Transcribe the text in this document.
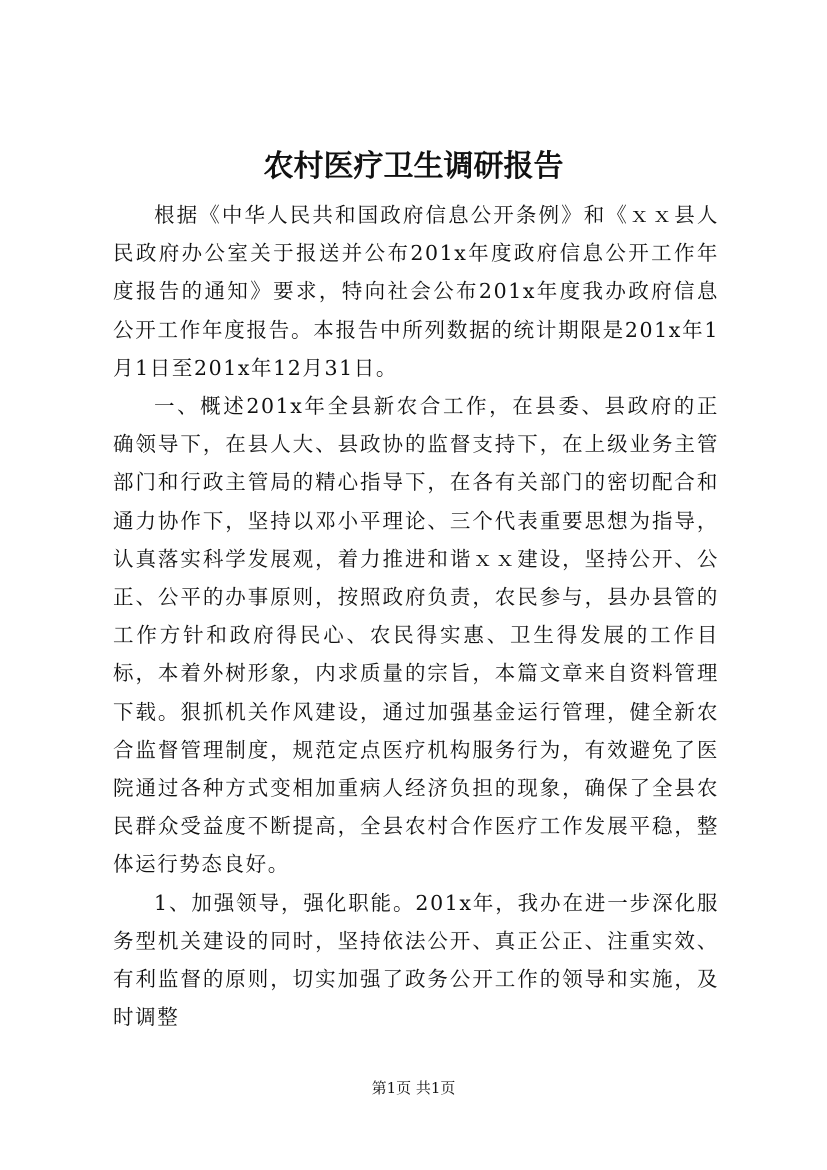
农村医疗卫生调研报告

根据《中华人民共和国政府信息公开条例》和《ｘｘ县人民政府办公室关于报送并公布201x年度政府信息公开工作年度报告的通知》要求，特向社会公布201x年度我办政府信息公开工作年度报告。本报告中所列数据的统计期限是201x年1月1日至201x年12月31日。

一、概述201x年全县新农合工作，在县委、县政府的正确领导下，在县人大、县政协的监督支持下，在上级业务主管部门和行政主管局的精心指导下，在各有关部门的密切配合和通力协作下，坚持以邓小平理论、三个代表重要思想为指导，认真落实科学发展观，着力推进和谐ｘｘ建设，坚持公开、公正、公平的办事原则，按照政府负责，农民参与，县办县管的工作方针和政府得民心、农民得实惠、卫生得发展的工作目标，本着外树形象，内求质量的宗旨，本篇文章来自资料管理下载。狠抓机关作风建设，通过加强基金运行管理，健全新农合监督管理制度，规范定点医疗机构服务行为，有效避免了医院通过各种方式变相加重病人经济负担的现象，确保了全县农民群众受益度不断提高，全县农村合作医疗工作发展平稳，整体运行势态良好。

1、加强领导，强化职能。201x年，我办在进一步深化服务型机关建设的同时，坚持依法公开、真正公正、注重实效、有利监督的原则，切实加强了政务公开工作的领导和实施，及时调整

第1页 共1页
